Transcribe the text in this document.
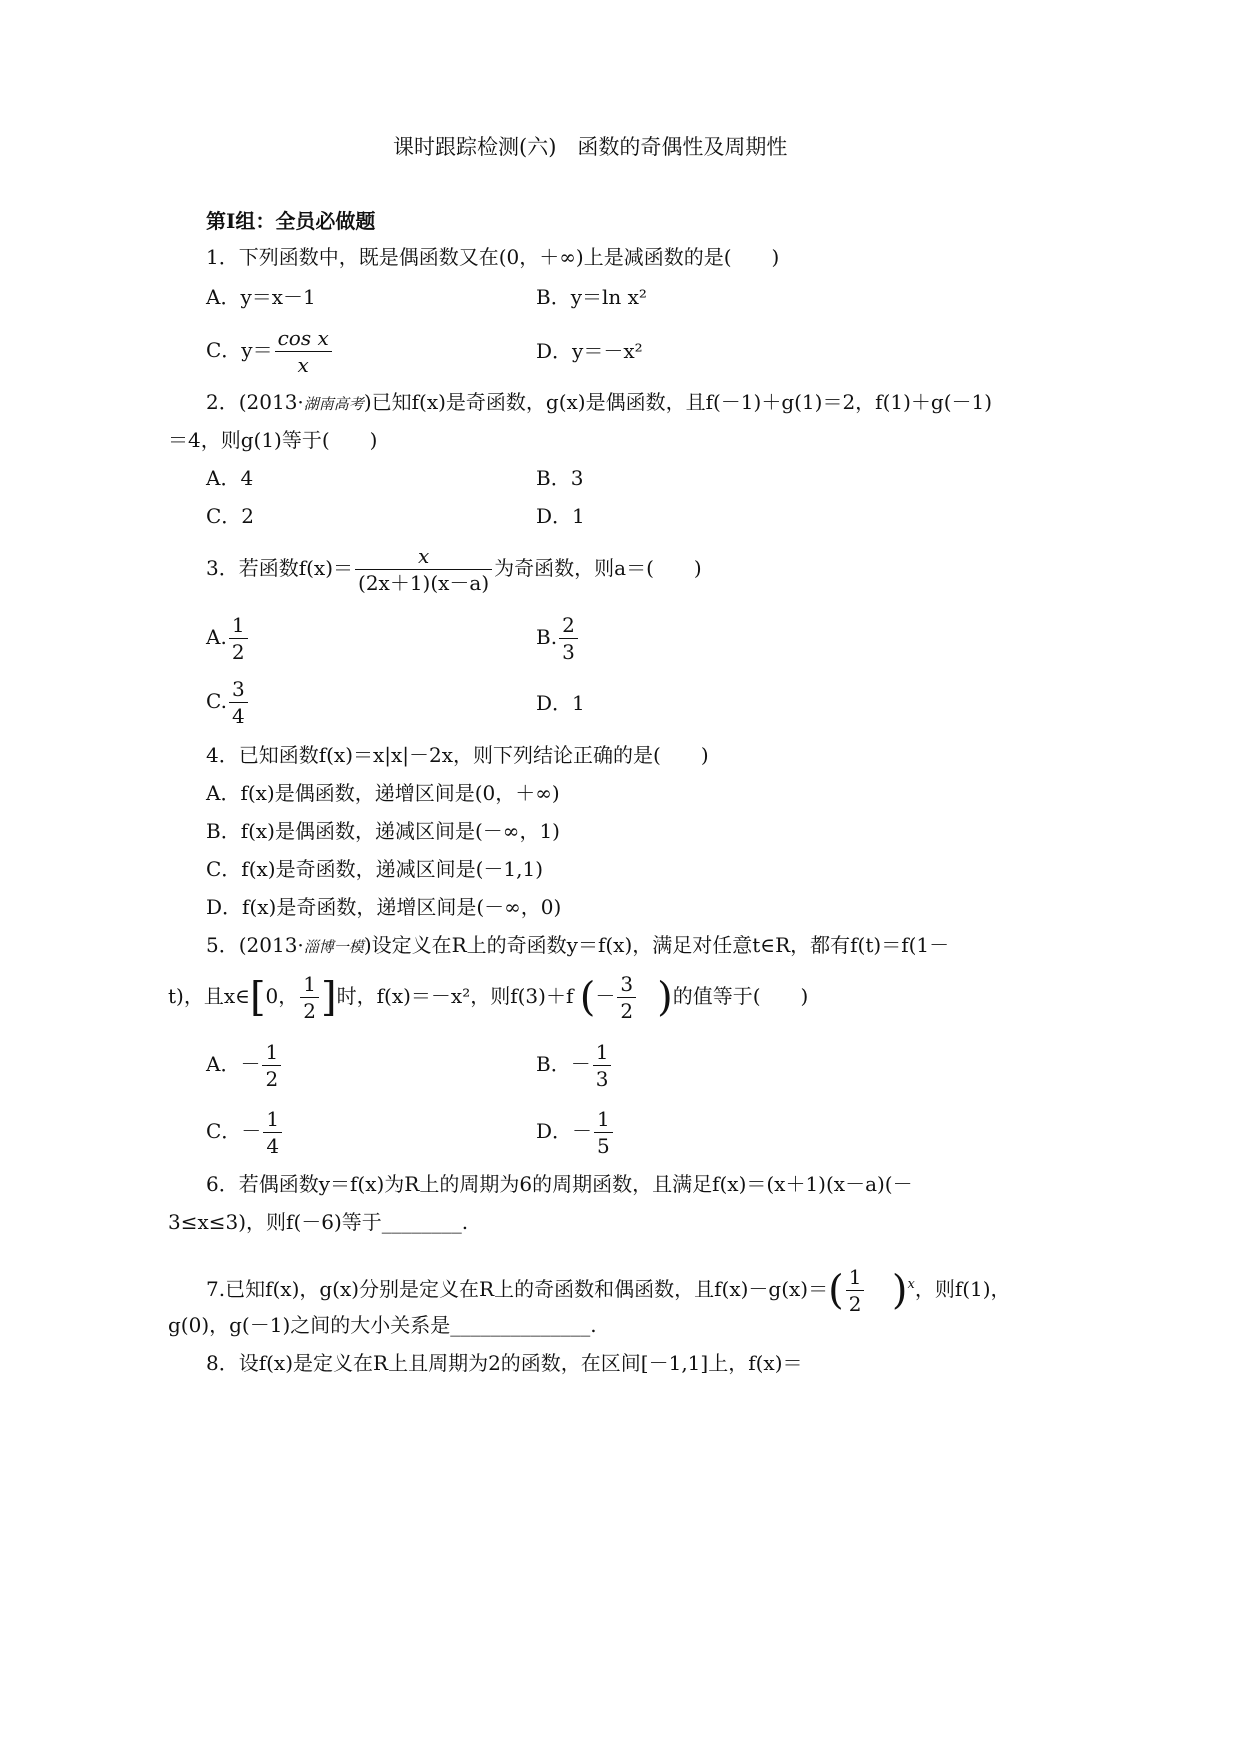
课时跟踪检测(六)　函数的奇偶性及周期性
第Ⅰ组：全员必做题
1．下列函数中，既是偶函数又在(0，＋∞)上是减函数的是(　　)
A．y＝x－1	B．y＝ln x²
C．$y= \frac{\text{cos x}}{x}$	D．y＝－x²
2．(2013·湖南高考)已知f(x)是奇函数，g(x)是偶函数，且f(－1)＋g(1)＝2，f(1)＋g(－1)
＝4，则g(1)等于(　　)
A．4	B．3
C．2	D．1
3．若函数$f(x)= \frac{x}{(2x+1)(x-a)}$ 为奇函数，则a＝(　　)
A. $\frac{1}{2}$	B. $\frac{2}{3}$
C. $\frac{3}{4}$	D．1
4．已知函数f(x)＝x|x|－2x，则下列结论正确的是(　　)
A．f(x)是偶函数，递增区间是(0，＋∞)
B．f(x)是偶函数，递减区间是(－∞，1)
C．f(x)是奇函数，递减区间是(－1,1)
D．f(x)是奇函数，递增区间是(－∞，0)
5．(2013·淄博一模)设定义在R上的奇函数y＝f(x)，满足对任意t∈R，都有f(t)＝f(1－
t)，且x∈[0， $\frac{1}{2}$ ]时，f(x)＝－x²，则f(3)＋f (－ $\frac{3}{2}$ )的值等于(　　)
A．－ $\frac{1}{2}$	B．－ $\frac{1}{3}$
C．－ $\frac{1}{4}$	D．－ $\frac{1}{5}$
6．若偶函数y＝f(x)为R上的周期为6的周期函数，且满足f(x)＝(x＋1)(x－a)(－
3≤x≤3)，则f(－6)等于________.
7.已知f(x)，g(x)分别是定义在R上的奇函数和偶函数，且$f(x)-g(x)=( \frac{1}{2} )^x$，则f(1)，
g(0)，g(－1)之间的大小关系是______________.
8．设f(x)是定义在R上且周期为2的函数，在区间[－1,1]上，f(x)＝
